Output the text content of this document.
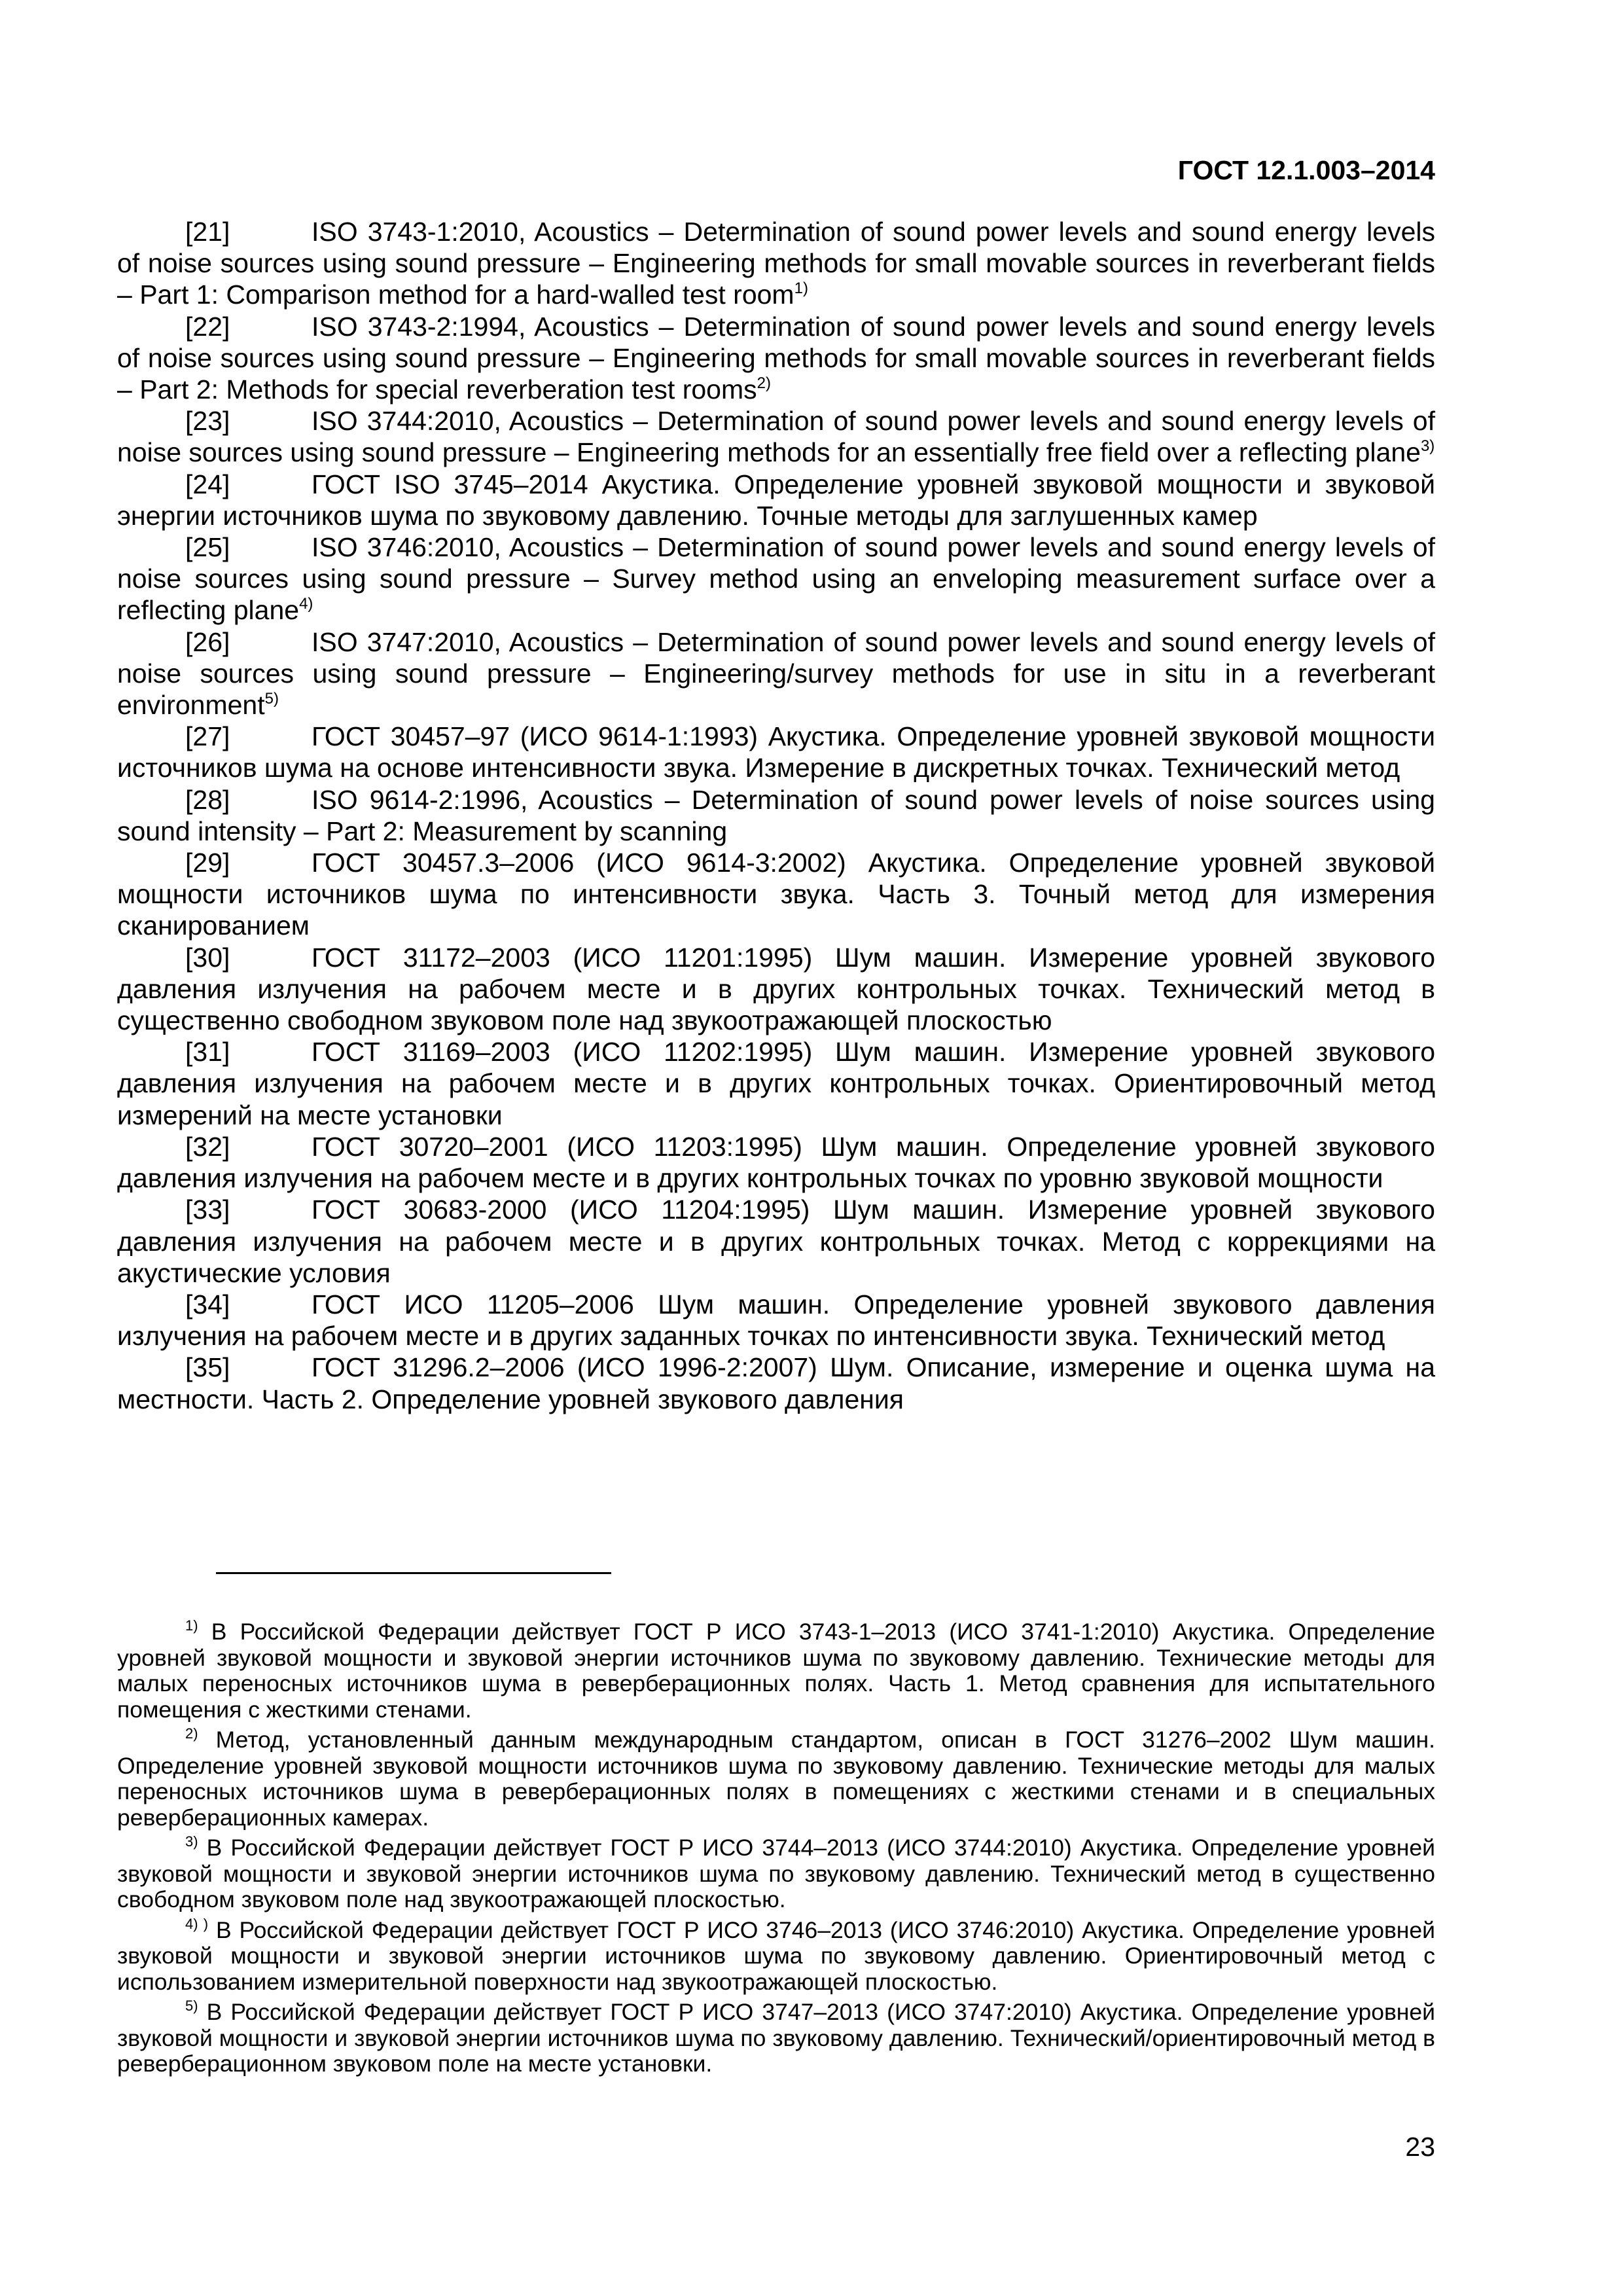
ГОСТ 12.1.003–2014

[21]	ISO 3743-1:2010, Acoustics – Determination of sound power levels and sound energy levels of noise sources using sound pressure – Engineering methods for small movable sources in reverberant fields – Part 1: Comparison method for a hard-walled test room$^{1)}$

[22]	ISO 3743-2:1994, Acoustics – Determination of sound power levels and sound energy levels of noise sources using sound pressure – Engineering methods for small movable sources in reverberant fields – Part 2: Methods for special reverberation test rooms$^{2)}$

[23]	ISO 3744:2010, Acoustics – Determination of sound power levels and sound energy levels of noise sources using sound pressure – Engineering methods for an essentially free field over a reflecting plane$^{3)}$

[24]	ГОСТ ISO 3745–2014 Акустика. Определение уровней звуковой мощности и звуковой энергии источников шума по звуковому давлению. Точные методы для заглушенных камер

[25]	ISO 3746:2010, Acoustics – Determination of sound power levels and sound energy levels of noise sources using sound pressure – Survey method using an enveloping measurement surface over a reflecting plane$^{4)}$

[26]	ISO 3747:2010, Acoustics – Determination of sound power levels and sound energy levels of noise sources using sound pressure – Engineering/survey methods for use in situ in a reverberant environment$^{5)}$

[27]	ГОСТ 30457–97 (ИСО 9614-1:1993) Акустика. Определение уровней звуковой мощности источников шума на основе интенсивности звука. Измерение в дискретных точках. Технический метод

[28]	ISO 9614-2:1996, Acoustics – Determination of sound power levels of noise sources using sound intensity – Part 2: Measurement by scanning

[29]	ГОСТ 30457.3–2006 (ИСО 9614-3:2002) Акустика. Определение уровней звуковой мощности источников шума по интенсивности звука. Часть 3. Точный метод для измерения сканированием

[30]	ГОСТ 31172–2003 (ИСО 11201:1995) Шум машин. Измерение уровней звукового давления излучения на рабочем месте и в других контрольных точках. Технический метод в существенно свободном звуковом поле над звукоотражающей плоскостью

[31]	ГОСТ 31169–2003 (ИСО 11202:1995) Шум машин. Измерение уровней звукового давления излучения на рабочем месте и в других контрольных точках. Ориентировочный метод измерений на месте установки

[32]	ГОСТ 30720–2001 (ИСО 11203:1995) Шум машин. Определение уровней звукового давления излучения на рабочем месте и в других контрольных точках по уровню звуковой мощности

[33]	ГОСТ 30683-2000 (ИСО 11204:1995) Шум машин. Измерение уровней звукового давления излучения на рабочем месте и в других контрольных точках. Метод с коррекциями на акустические условия

[34]	ГОСТ ИСО 11205–2006 Шум машин. Определение уровней звукового давления излучения на рабочем месте и в других заданных точках по интенсивности звука. Технический метод

[35]	ГОСТ 31296.2–2006 (ИСО 1996-2:2007) Шум. Описание, измерение и оценка шума на местности. Часть 2. Определение уровней звукового давления

$^{1)}$ В Российской Федерации действует ГОСТ Р ИСО 3743-1–2013 (ИСО 3741-1:2010) Акустика. Определение уровней звуковой мощности и звуковой энергии источников шума по звуковому давлению. Технические методы для малых переносных источников шума в реверберационных полях. Часть 1. Метод сравнения для испытательного помещения с жесткими стенами.

$^{2)}$ Метод, установленный данным международным стандартом, описан в ГОСТ 31276–2002 Шум машин. Определение уровней звуковой мощности источников шума по звуковому давлению. Технические методы для малых переносных источников шума в реверберационных полях в помещениях с жесткими стенами и в специальных реверберационных камерах.

$^{3)}$ В Российской Федерации действует ГОСТ Р ИСО 3744–2013 (ИСО 3744:2010) Акустика. Определение уровней звуковой мощности и звуковой энергии источников шума по звуковому давлению. Технический метод в существенно свободном звуковом поле над звукоотражающей плоскостью.

$^{4) )}$ В Российской Федерации действует ГОСТ Р ИСО 3746–2013 (ИСО 3746:2010) Акустика. Определение уровней звуковой мощности и звуковой энергии источников шума по звуковому давлению. Ориентировочный метод с использованием измерительной поверхности над звукоотражающей плоскостью.

$^{5)}$ В Российской Федерации действует ГОСТ Р ИСО 3747–2013 (ИСО 3747:2010) Акустика. Определение уровней звуковой мощности и звуковой энергии источников шума по звуковому давлению. Технический/ориентировочный метод в реверберационном звуковом поле на месте установки.

23
